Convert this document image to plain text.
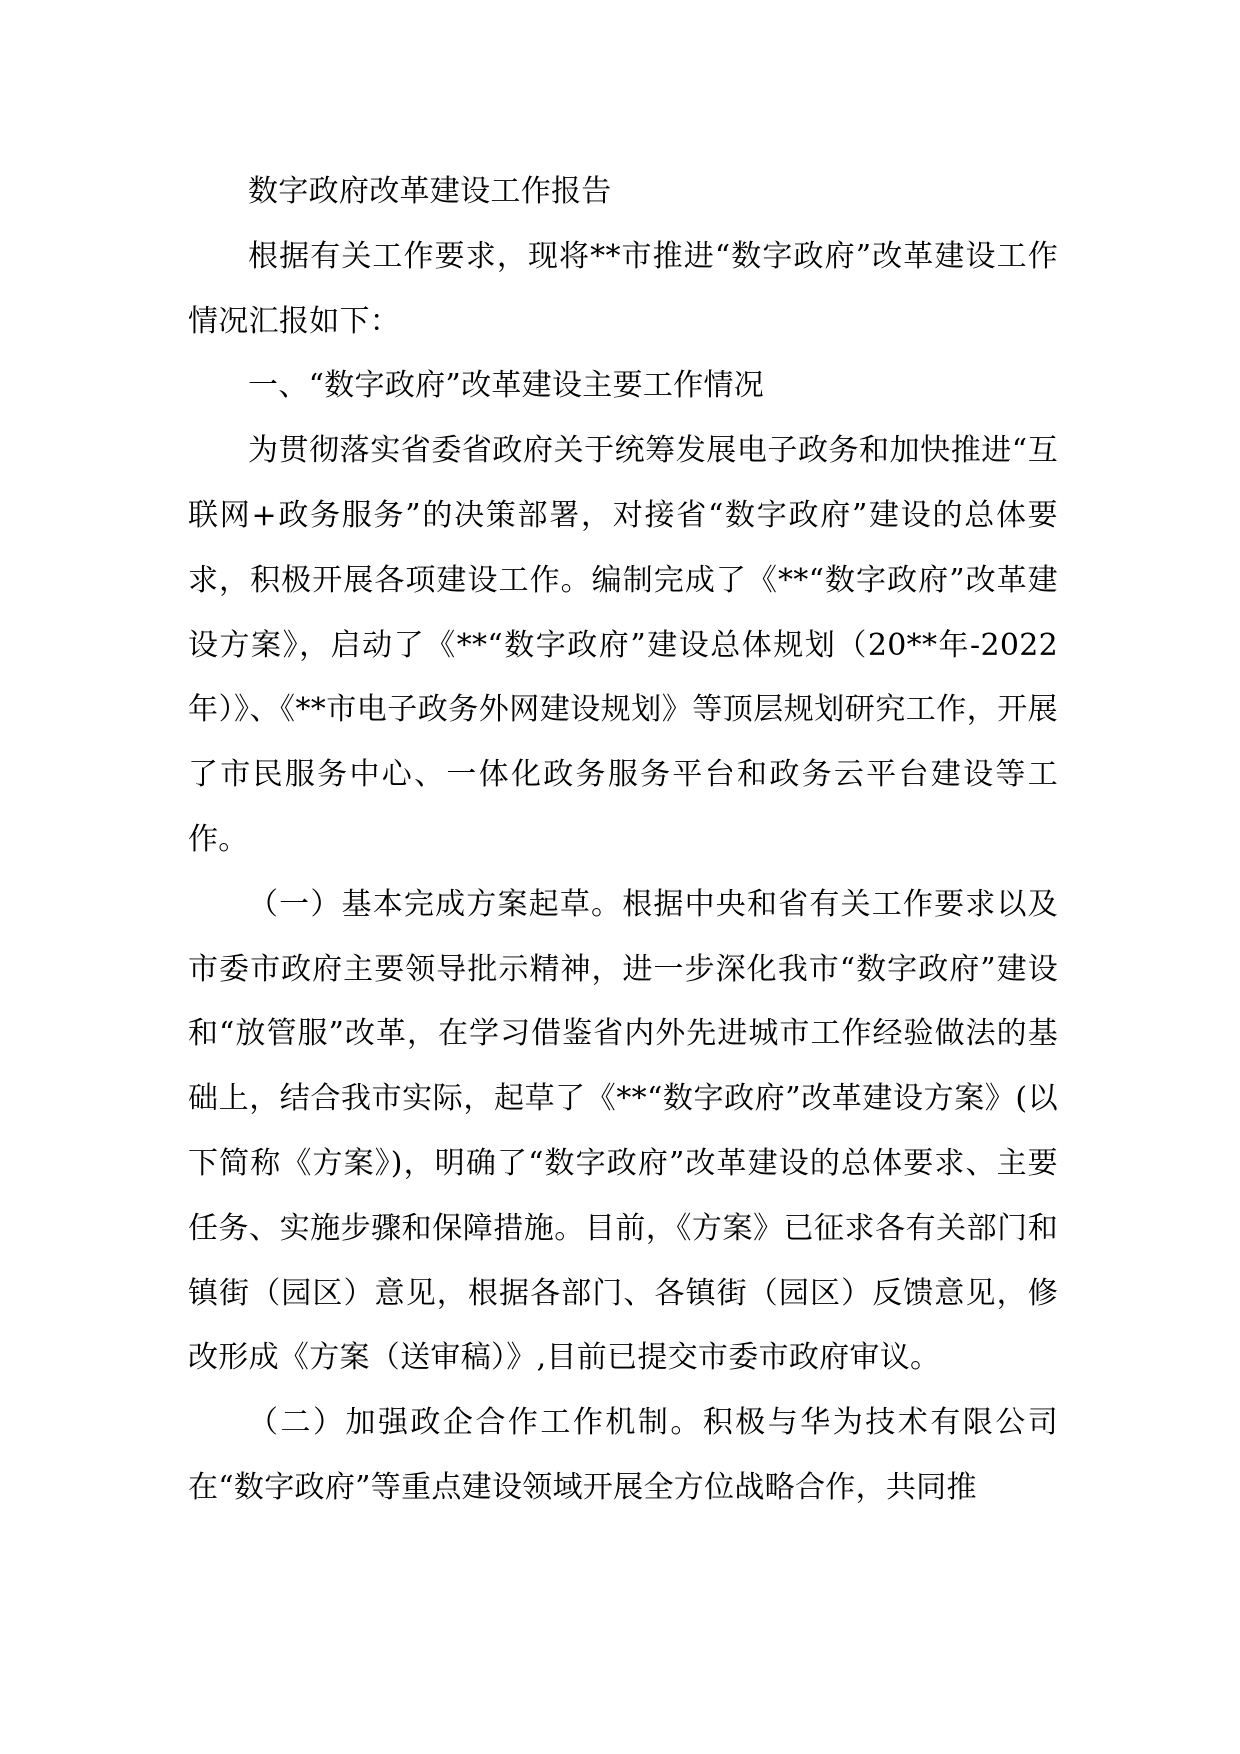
数字政府改革建设工作报告

根据有关工作要求，现将**市推进“数字政府”改革建设工作情况汇报如下：

一、“数字政府”改革建设主要工作情况

为贯彻落实省委省政府关于统筹发展电子政务和加快推进“互联网+政务服务”的决策部署，对接省“数字政府”建设的总体要求，积极开展各项建设工作。编制完成了《**“数字政府”改革建设方案》，启动了《**“数字政府”建设总体规划（20**年-2022年）》、《**市电子政务外网建设规划》等顶层规划研究工作，开展了市民服务中心、一体化政务服务平台和政务云平台建设等工作。

（一）基本完成方案起草。根据中央和省有关工作要求以及市委市政府主要领导批示精神，进一步深化我市“数字政府”建设和“放管服”改革，在学习借鉴省内外先进城市工作经验做法的基础上，结合我市实际，起草了《**“数字政府”改革建设方案》(以下简称《方案》)，明确了“数字政府”改革建设的总体要求、主要任务、实施步骤和保障措施。目前，《方案》已征求各有关部门和镇街（园区）意见，根据各部门、各镇街（园区）反馈意见，修改形成《方案（送审稿）》,目前已提交市委市政府审议。

（二）加强政企合作工作机制。积极与华为技术有限公司在“数字政府”等重点建设领域开展全方位战略合作，共同推
